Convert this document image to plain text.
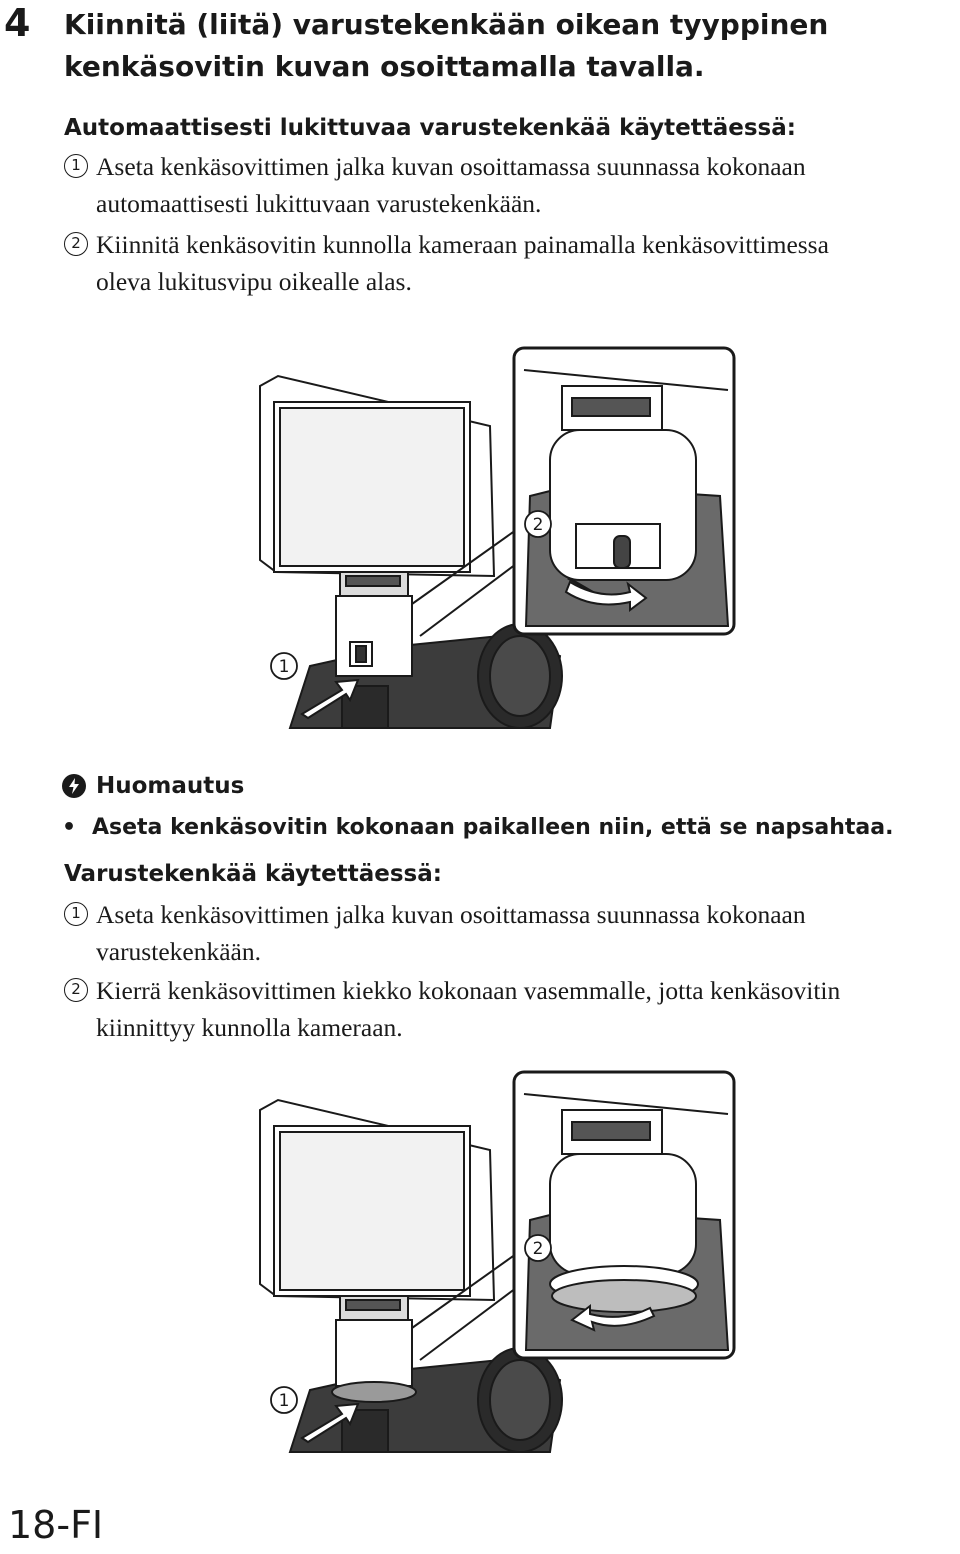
4 Kiinnitä (liitä) varustekenkään oikean tyyppinen kenkäsovitin kuvan osoittamalla tavalla.
Automaattisesti lukittuvaa varustekenkää käytettäessä:
1 Aseta kenkäsovittimen jalka kuvan osoittamassa suunnassa kokonaan
automaattisesti lukittuvaan varustekenkään.
2 Kiinnitä kenkäsovitin kunnolla kameraan painamalla kenkäsovittimessa
oleva lukitusvipu oikealle alas.
1
2
Huomautus
• Aseta kenkäsovitin kokonaan paikalleen niin, että se napsahtaa.
Varustekenkää käytettäessä:
1 Aseta kenkäsovittimen jalka kuvan osoittamassa suunnassa kokonaan
varustekenkään.
2 Kierrä kenkäsovittimen kiekko kokonaan vasemmalle, jotta kenkäsovitin
kiinnittyy kunnolla kameraan.
1
2
18-FI
